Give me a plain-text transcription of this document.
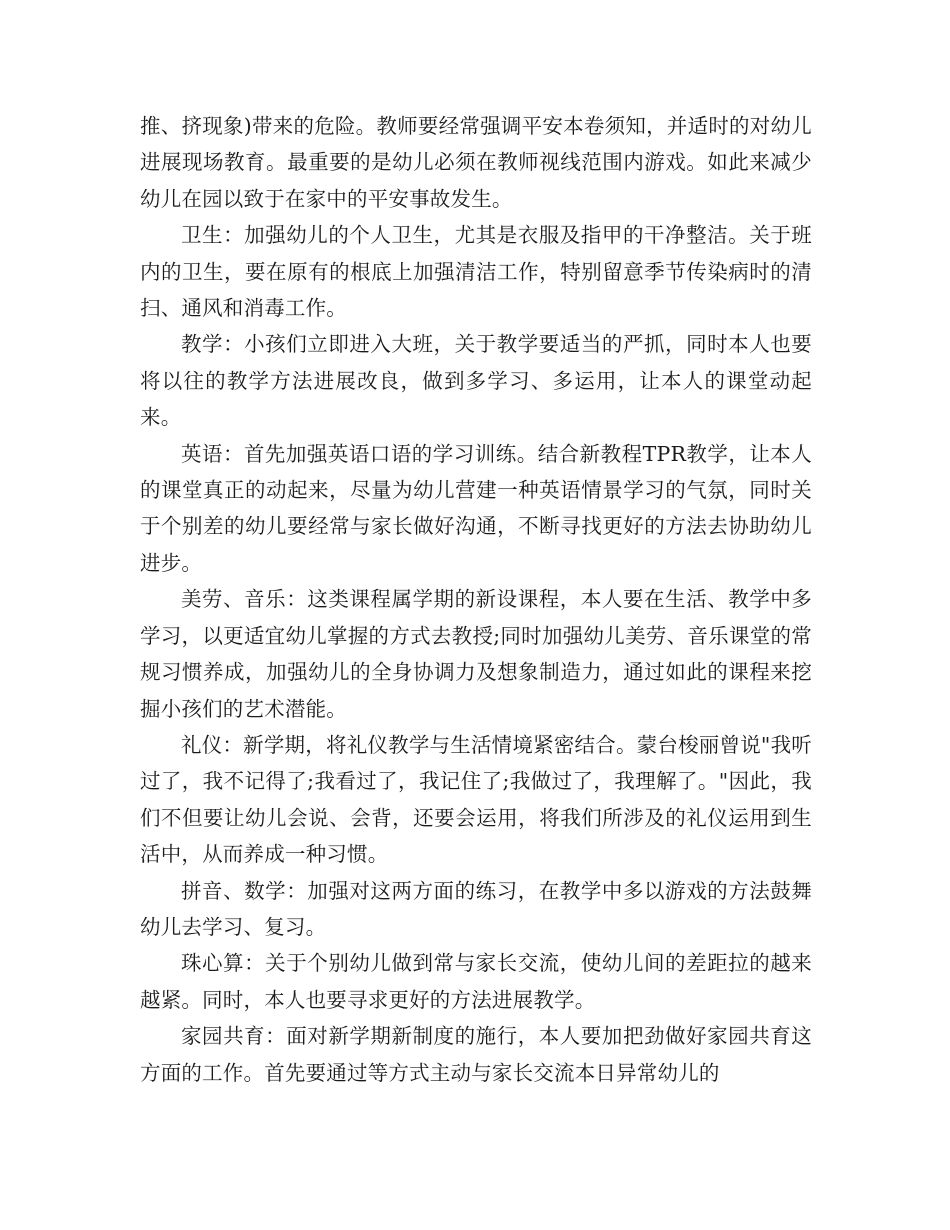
推、挤现象)带来的危险。教师要经常强调平安本卷须知，并适时的对幼儿进展现场教育。最重要的是幼儿必须在教师视线范围内游戏。如此来减少幼儿在园以致于在家中的平安事故发生。

卫生：加强幼儿的个人卫生，尤其是衣服及指甲的干净整洁。关于班内的卫生，要在原有的根底上加强清洁工作，特别留意季节传染病时的清扫、通风和消毒工作。

教学：小孩们立即进入大班，关于教学要适当的严抓，同时本人也要将以往的教学方法进展改良，做到多学习、多运用，让本人的课堂动起来。

英语：首先加强英语口语的学习训练。结合新教程TPR教学，让本人的课堂真正的动起来，尽量为幼儿营建一种英语情景学习的气氛，同时关于个别差的幼儿要经常与家长做好沟通，不断寻找更好的方法去协助幼儿进步。

美劳、音乐：这类课程属学期的新设课程，本人要在生活、教学中多学习，以更适宜幼儿掌握的方式去教授;同时加强幼儿美劳、音乐课堂的常规习惯养成，加强幼儿的全身协调力及想象制造力，通过如此的课程来挖掘小孩们的艺术潜能。

礼仪：新学期，将礼仪教学与生活情境紧密结合。蒙台梭丽曾说"我听过了，我不记得了;我看过了，我记住了;我做过了，我理解了。"因此，我们不但要让幼儿会说、会背，还要会运用，将我们所涉及的礼仪运用到生活中，从而养成一种习惯。

拼音、数学：加强对这两方面的练习，在教学中多以游戏的方法鼓舞幼儿去学习、复习。

珠心算：关于个别幼儿做到常与家长交流，使幼儿间的差距拉的越来越紧。同时，本人也要寻求更好的方法进展教学。

家园共育：面对新学期新制度的施行，本人要加把劲做好家园共育这方面的工作。首先要通过等方式主动与家长交流本日异常幼儿的
